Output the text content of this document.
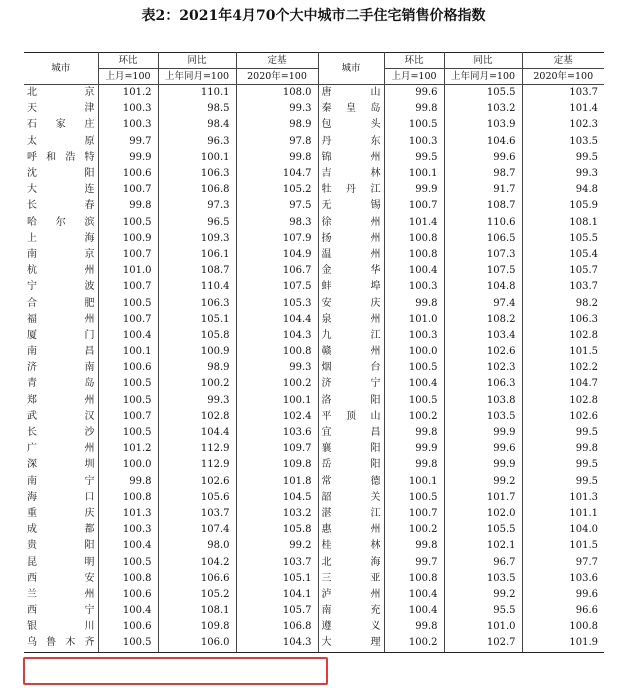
表2：2021年4月70个大中城市二手住宅销售价格指数
城市	环比	同比	定基	城市	环比	同比	定基
	上月=100	上年同月=100	2020年=100		上月=100	上年同月=100	2020年=100
北　京	101.2	110.1	108.0	唐　山	99.6	105.5	103.7
天　津	100.3	98.5	99.3	秦皇岛	99.8	103.2	101.4
石家庄	100.3	98.4	98.9	包　头	100.5	103.9	102.3
太　原	99.7	96.3	97.8	丹　东	100.3	104.6	103.5
呼和浩特	99.9	100.1	99.8	锦　州	99.5	99.6	99.5
沈　阳	100.6	106.3	104.7	吉　林	100.1	98.7	99.3
大　连	100.7	106.8	105.2	牡丹江	99.9	91.7	94.8
长　春	99.8	97.3	97.5	无　锡	100.7	108.7	105.9
哈尔滨	100.5	96.5	98.3	徐　州	101.4	110.6	108.1
上　海	100.9	109.3	107.9	扬　州	100.8	106.5	105.5
南　京	100.7	106.1	104.9	温　州	100.8	107.3	105.4
杭　州	101.0	108.7	106.7	金　华	100.4	107.5	105.7
宁　波	100.7	110.4	107.5	蚌　埠	100.3	104.8	103.7
合　肥	100.5	106.3	105.3	安　庆	99.8	97.4	98.2
福　州	100.7	105.1	104.4	泉　州	101.0	108.2	106.3
厦　门	100.4	105.8	104.3	九　江	100.3	103.4	102.8
南　昌	100.1	100.9	100.8	赣　州	100.0	102.6	101.5
济　南	100.6	98.9	99.3	烟　台	100.5	102.3	102.2
青　岛	100.5	100.2	100.2	济　宁	100.4	106.3	104.7
郑　州	100.5	99.3	100.1	洛　阳	100.5	103.8	102.8
武　汉	100.7	102.8	102.4	平顶山	100.2	103.5	102.6
长　沙	100.5	104.4	103.6	宜　昌	99.8	99.9	99.5
广　州	101.2	112.9	109.7	襄　阳	99.9	99.6	99.8
深　圳	100.0	112.9	109.8	岳　阳	99.8	99.9	99.5
南　宁	99.8	102.6	101.8	常　德	100.1	99.2	99.5
海　口	100.8	105.6	104.5	韶　关	100.5	101.7	101.3
重　庆	101.3	103.7	103.2	湛　江	100.7	102.0	101.1
成　都	100.3	107.4	105.8	惠　州	100.2	105.5	104.0
贵　阳	100.4	98.0	99.2	桂　林	99.8	102.1	101.5
昆　明	100.5	104.2	103.7	北　海	99.7	96.7	97.7
西　安	100.8	106.6	105.1	三　亚	100.8	103.5	103.6
兰　州	100.6	105.2	104.1	泸　州	100.4	99.2	99.6
西　宁	100.4	108.1	105.7	南　充	100.4	95.5	96.6
银　川	100.6	109.8	106.8	遵　义	99.8	101.0	100.8
乌鲁木齐	100.5	106.0	104.3	大　理	100.2	102.7	101.9
